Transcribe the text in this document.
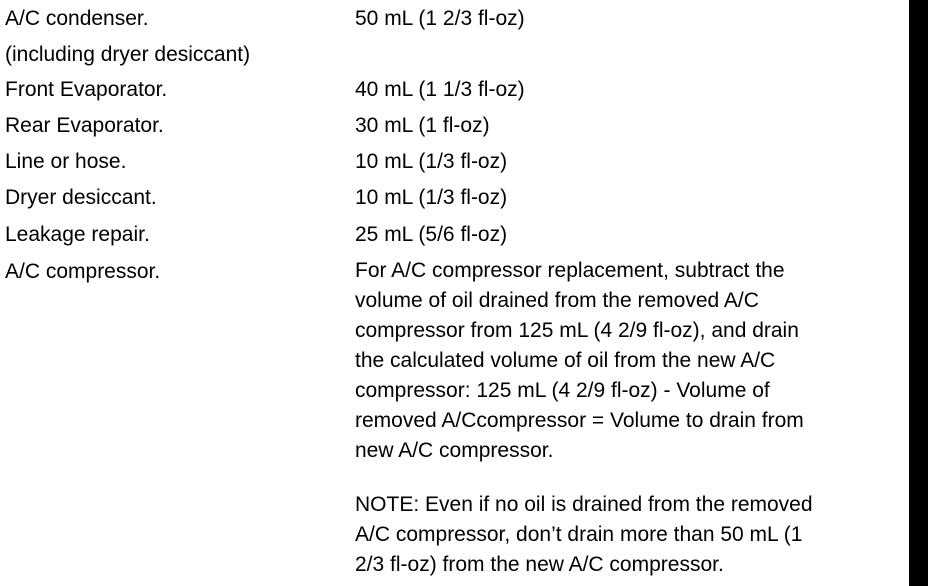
A/C condenser.	50 mL (1 2/3 fl-oz)
(including dryer desiccant)
Front Evaporator.	40 mL (1 1/3 fl-oz)
Rear Evaporator.	30 mL (1 fl-oz)
Line or hose.	10 mL (1/3 fl-oz)
Dryer desiccant.	10 mL (1/3 fl-oz)
Leakage repair.	25 mL (5/6 fl-oz)
A/C compressor.	For A/C compressor replacement, subtract the
volume of oil drained from the removed A/C
compressor from 125 mL (4 2/9 fl-oz), and drain
the calculated volume of oil from the new A/C
compressor: 125 mL (4 2/9 fl-oz) - Volume of
removed A/Ccompressor = Volume to drain from
new A/C compressor.
NOTE: Even if no oil is drained from the removed
A/C compressor, don’t drain more than 50 mL (1
2/3 fl-oz) from the new A/C compressor.
